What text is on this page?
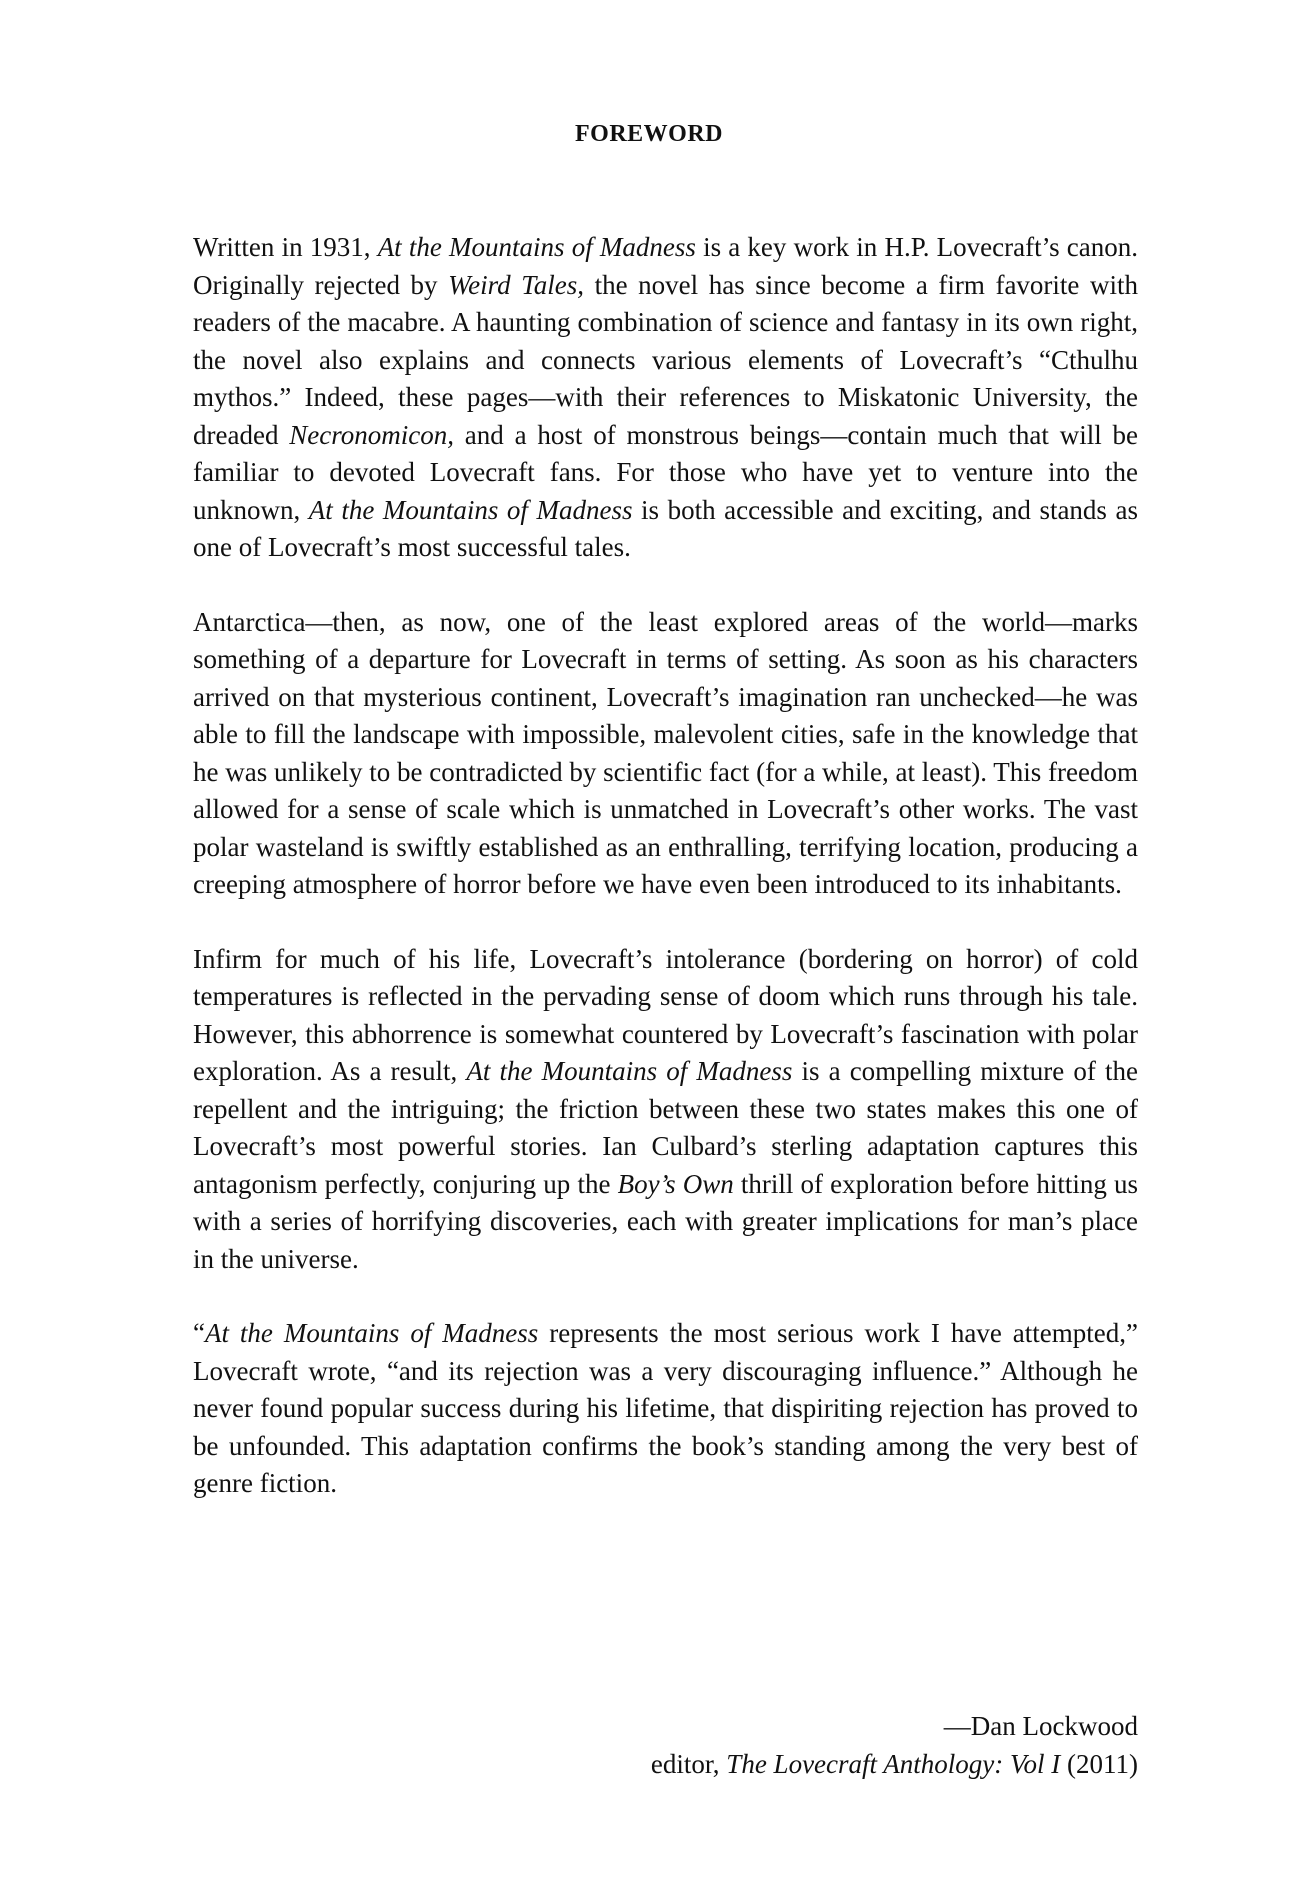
FOREWORD

Written in 1931, At the Mountains of Madness is a key work in H.P. Lovecraft’s canon. Originally rejected by Weird Tales, the novel has since become a firm favorite with readers of the macabre. A haunting combination of science and fantasy in its own right, the novel also explains and connects various elements of Lovecraft’s “Cthulhu mythos.” Indeed, these pages—with their references to Miskatonic University, the dreaded Necronomicon, and a host of monstrous beings—contain much that will be familiar to devoted Lovecraft fans. For those who have yet to venture into the unknown, At the Mountains of Madness is both accessible and exciting, and stands as one of Lovecraft’s most successful tales.

Antarctica—then, as now, one of the least explored areas of the world—marks something of a departure for Lovecraft in terms of setting. As soon as his characters arrived on that mysterious continent, Lovecraft’s imagination ran unchecked—he was able to fill the landscape with impossible, malevolent cities, safe in the knowledge that he was unlikely to be contradicted by scientific fact (for a while, at least). This freedom allowed for a sense of scale which is unmatched in Lovecraft’s other works. The vast polar wasteland is swiftly established as an enthralling, terrifying location, producing a creeping atmosphere of horror before we have even been introduced to its inhabitants.

Infirm for much of his life, Lovecraft’s intolerance (bordering on horror) of cold temperatures is reflected in the pervading sense of doom which runs through his tale. However, this abhorrence is somewhat countered by Lovecraft’s fascination with polar exploration. As a result, At the Mountains of Madness is a compelling mixture of the repellent and the intriguing; the friction between these two states makes this one of Lovecraft’s most powerful stories. Ian Culbard’s sterling adaptation captures this antagonism perfectly, conjuring up the Boy’s Own thrill of exploration before hitting us with a series of horrifying discoveries, each with greater implications for man’s place in the universe.

“At the Mountains of Madness represents the most serious work I have attempted,” Lovecraft wrote, “and its rejection was a very discouraging influence.” Although he never found popular success during his lifetime, that dispiriting rejection has proved to be unfounded. This adaptation confirms the book’s standing among the very best of genre fiction.

—Dan Lockwood
editor, The Lovecraft Anthology: Vol I (2011)
